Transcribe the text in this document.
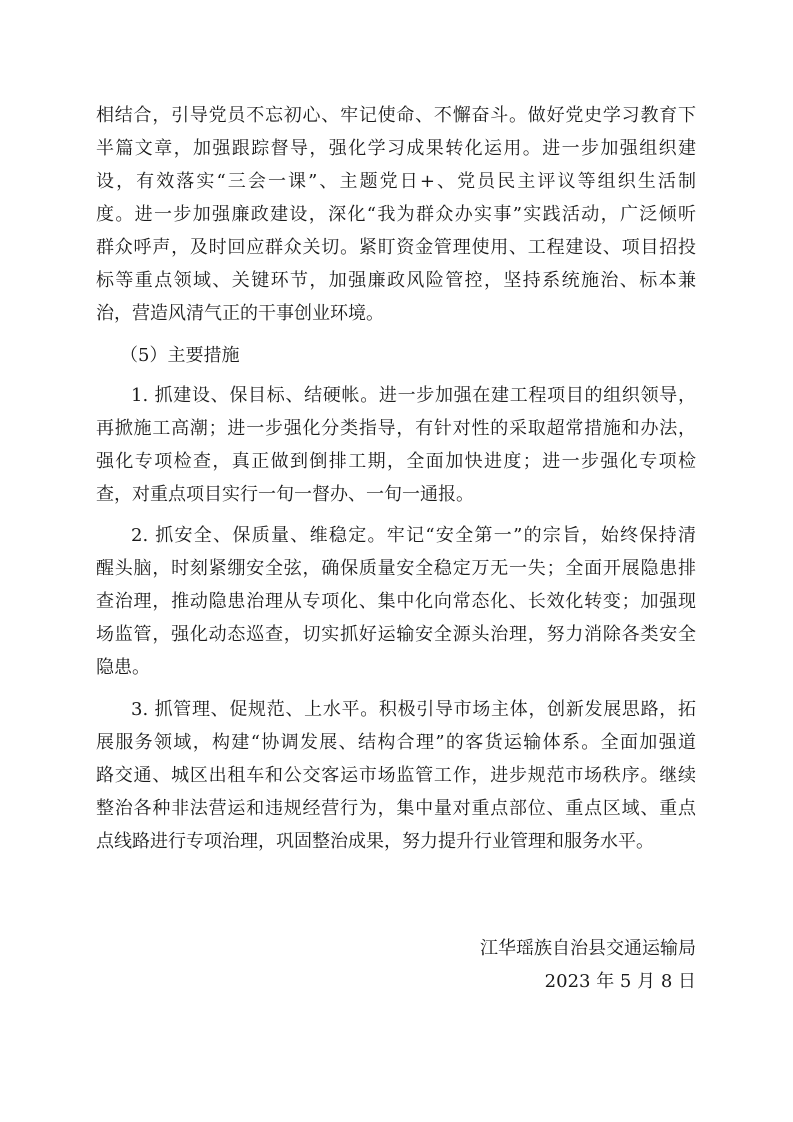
相结合，引导党员不忘初心、牢记使命、不懈奋斗。做好党史学习教育下
半篇文章，加强跟踪督导，强化学习成果转化运用。进一步加强组织建
设，有效落实“三会一课”、主题党日+、党员民主评议等组织生活制
度。进一步加强廉政建设，深化“我为群众办实事”实践活动，广泛倾听
群众呼声，及时回应群众关切。紧盯资金管理使用、工程建设、项目招投
标等重点领域、关键环节，加强廉政风险管控，坚持系统施治、标本兼
治，营造风清气正的干事创业环境。
（5）主要措施
1. 抓建设、保目标、结硬帐。进一步加强在建工程项目的组织领导，
再掀施工高潮；进一步强化分类指导，有针对性的采取超常措施和办法，
强化专项检查，真正做到倒排工期，全面加快进度；进一步强化专项检
查，对重点项目实行一旬一督办、一旬一通报。
2. 抓安全、保质量、维稳定。牢记“安全第一”的宗旨，始终保持清
醒头脑，时刻紧绷安全弦，确保质量安全稳定万无一失；全面开展隐患排
查治理，推动隐患治理从专项化、集中化向常态化、长效化转变；加强现
场监管，强化动态巡查，切实抓好运输安全源头治理，努力消除各类安全
隐患。
3. 抓管理、促规范、上水平。积极引导市场主体，创新发展思路，拓
展服务领域，构建“协调发展、结构合理”的客货运输体系。全面加强道
路交通、城区出租车和公交客运市场监管工作，进步规范市场秩序。继续
整治各种非法营运和违规经营行为，集中量对重点部位、重点区域、重点
点线路进行专项治理，巩固整治成果，努力提升行业管理和服务水平。
江华瑶族自治县交通运输局
2023 年 5 月 8 日
